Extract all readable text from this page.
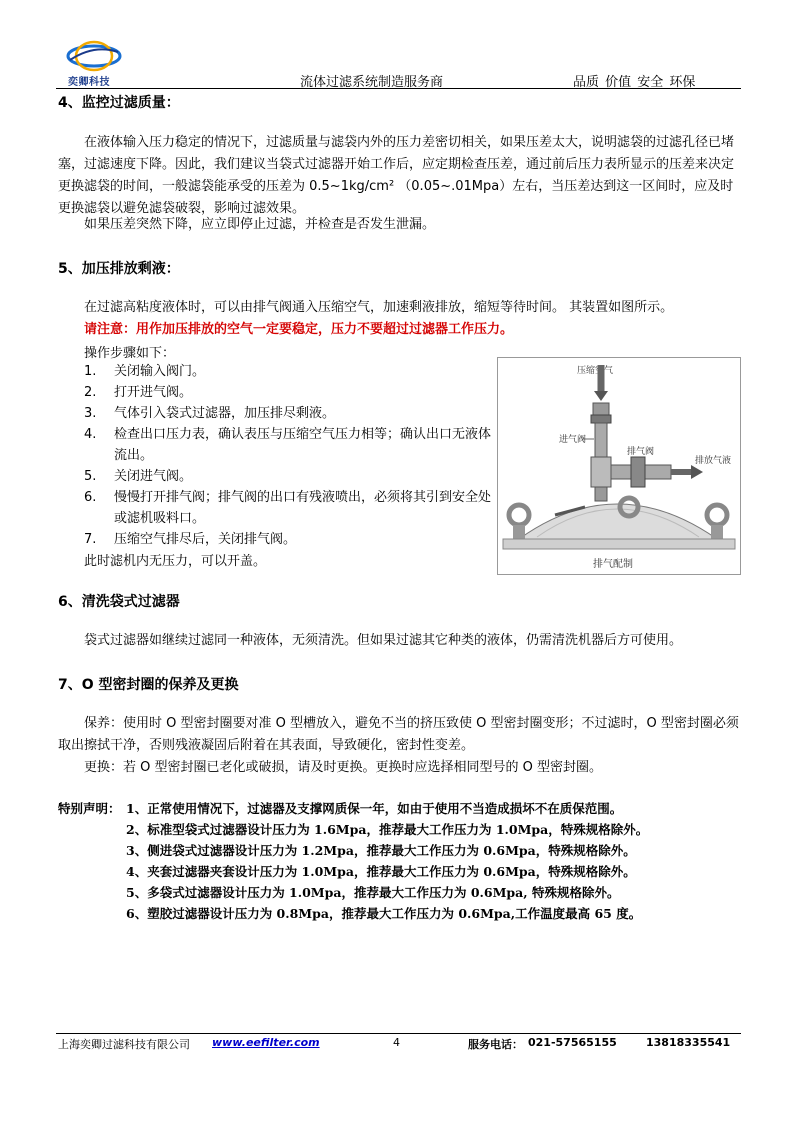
奕卿科技	流体过滤系统制造服务商	品质 价值 安全 环保
4、监控过滤质量：
在液体输入压力稳定的情况下，过滤质量与滤袋内外的压力差密切相关，如果压差太大，说明滤袋的过滤孔径已堵塞，过滤速度下降。因此，我们建议当袋式过滤器开始工作后，应定期检查压差，通过前后压力表所显示的压差来决定更换滤袋的时间，一般滤袋能承受的压差为 0.5~1kg/cm² （0.05~.01Mpa）左右，当压差达到这一区间时，应及时更换滤袋以避免滤袋破裂，影响过滤效果。
如果压差突然下降，应立即停止过滤，并检查是否发生泄漏。
5、加压排放剩液：
在过滤高粘度液体时，可以由排气阀通入压缩空气，加速剩液排放，缩短等待时间。 其装置如图所示。
请注意：用作加压排放的空气一定要稳定，压力不要超过过滤器工作压力。
操作步骤如下：
1.	关闭输入阀门。
2.	打开进气阀。
3.	气体引入袋式过滤器，加压排尽剩液。
4.	检查出口压力表，确认表压与压缩空气压力相等；确认出口无液体流出。
5.	关闭进气阀。
6.	慢慢打开排气阀；排气阀的出口有残液喷出，必须将其引到安全处或滤机吸料口。
7.	压缩空气排尽后，关闭排气阀。
此时滤机内无压力，可以开盖。
压缩空气
进气阀
排气阀
排放气液
排气配制
6、清洗袋式过滤器
袋式过滤器如继续过滤同一种液体，无须清洗。但如果过滤其它种类的液体，仍需清洗机器后方可使用。
7、O 型密封圈的保养及更换
保养：使用时 O 型密封圈要对准 O 型槽放入，避免不当的挤压致使 O 型密封圈变形；不过滤时，O 型密封圈必须取出擦拭干净，否则残液凝固后附着在其表面，导致硬化，密封性变差。
更换：若 O 型密封圈已老化或破损，请及时更换。更换时应选择相同型号的 O 型密封圈。
特别声明： 1、正常使用情况下，过滤器及支撑网质保一年，如由于使用不当造成损坏不在质保范围。
2、标准型袋式过滤器设计压力为 1.6Mpa，推荐最大工作压力为 1.0Mpa，特殊规格除外。
3、侧进袋式过滤器设计压力为 1.2Mpa，推荐最大工作压力为 0.6Mpa，特殊规格除外。
4、夹套过滤器夹套设计压力为 1.0Mpa，推荐最大工作压力为 0.6Mpa，特殊规格除外。
5、多袋式过滤器设计压力为 1.0Mpa，推荐最大工作压力为 0.6Mpa, 特殊规格除外。
6、塑胶过滤器设计压力为 0.8Mpa，推荐最大工作压力为 0.6Mpa,工作温度最高 65 度。
上海奕卿过滤科技有限公司 www.eefilter.com	4	服务电话： 021-57565155	13818335541
